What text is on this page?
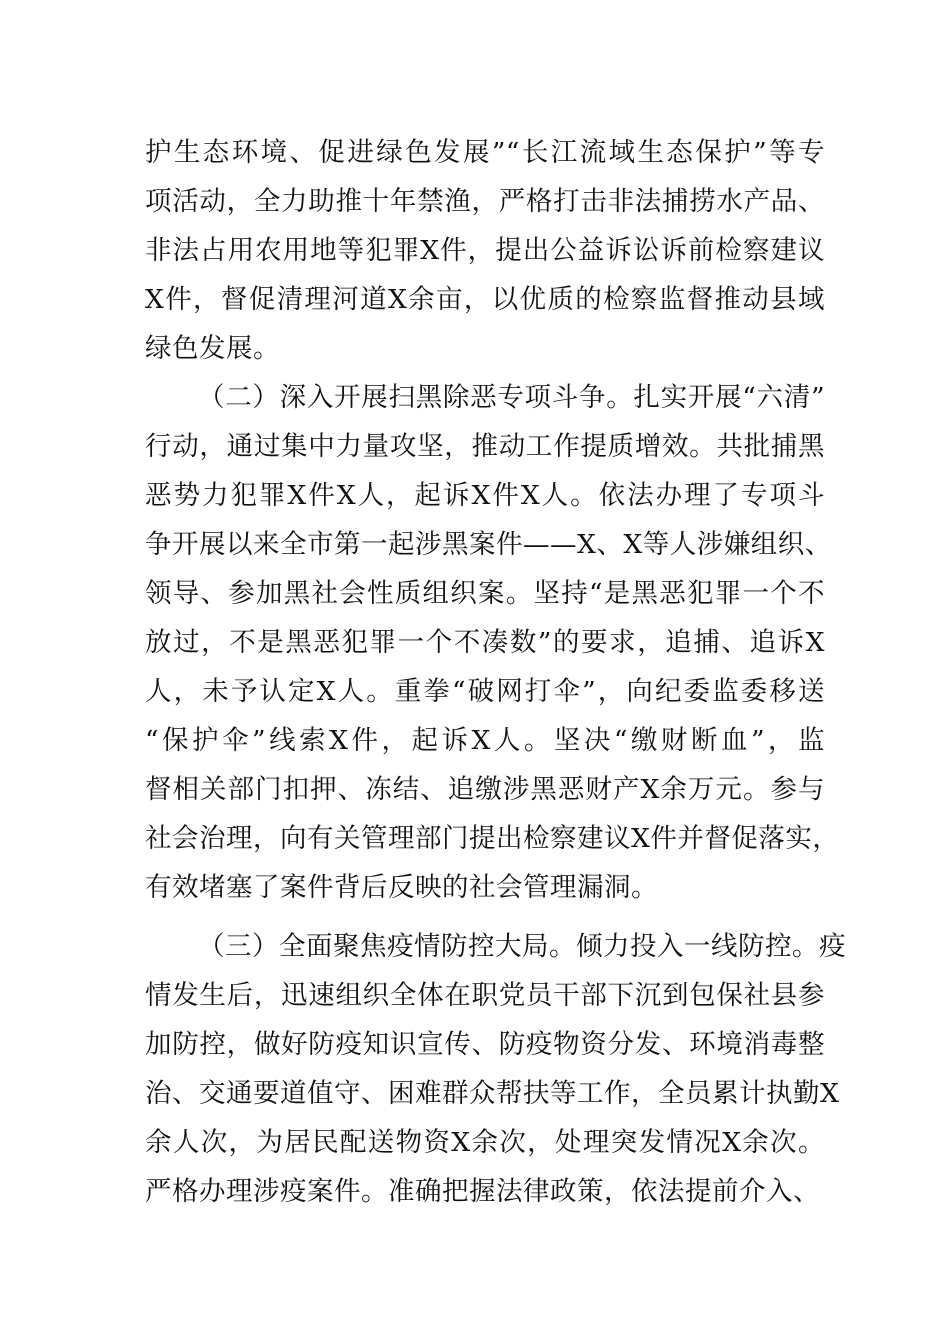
护生态环境、促进绿色发展”“长江流域生态保护”等专
项活动，全力助推十年禁渔，严格打击非法捕捞水产品、
非法占用农用地等犯罪X件，提出公益诉讼诉前检察建议
X件，督促清理河道X余亩，以优质的检察监督推动县域
绿色发展。
（二）深入开展扫黑除恶专项斗争。扎实开展“六清”
行动，通过集中力量攻坚，推动工作提质增效。共批捕黑
恶势力犯罪X件X人，起诉X件X人。依法办理了专项斗
争开展以来全市第一起涉黑案件——X、X等人涉嫌组织、
领导、参加黑社会性质组织案。坚持“是黑恶犯罪一个不
放过，不是黑恶犯罪一个不凑数”的要求，追捕、追诉X
人，未予认定X人。重拳“破网打伞”，向纪委监委移送
“保护伞”线索X件，起诉X人。坚决“缴财断血”，监
督相关部门扣押、冻结、追缴涉黑恶财产X余万元。参与
社会治理，向有关管理部门提出检察建议X件并督促落实，
有效堵塞了案件背后反映的社会管理漏洞。
（三）全面聚焦疫情防控大局。倾力投入一线防控。疫
情发生后，迅速组织全体在职党员干部下沉到包保社县参
加防控，做好防疫知识宣传、防疫物资分发、环境消毒整
治、交通要道值守、困难群众帮扶等工作，全员累计执勤X
余人次，为居民配送物资X余次，处理突发情况X余次。
严格办理涉疫案件。准确把握法律政策，依法提前介入、
